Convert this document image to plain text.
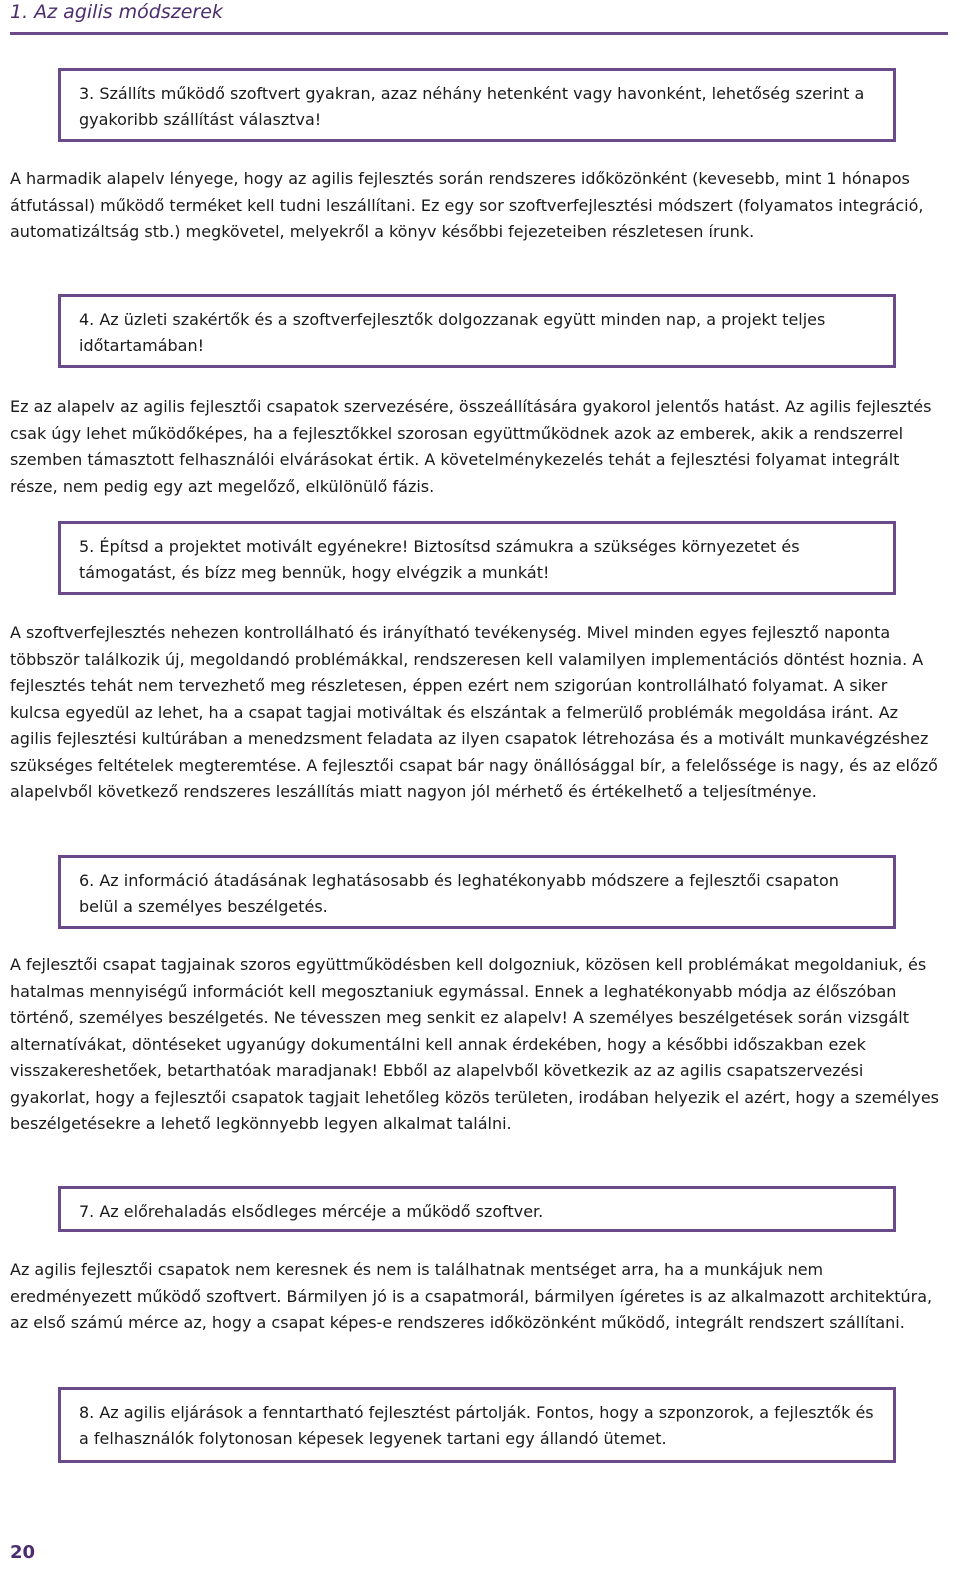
1. Az agilis módszerek
3. Szállíts működő szoftvert gyakran, azaz néhány hetenként vagy havonként, lehetőség szerint a gyakoribb szállítást választva!

A harmadik alapelv lényege, hogy az agilis fejlesztés során rendszeres időközönként (kevesebb, mint 1 hónapos átfutással) működő terméket kell tudni leszállítani. Ez egy sor szoftverfejlesztési módszert (folyamatos integráció, automatizáltság stb.) megkövetel, melyekről a könyv későbbi fejezeteiben részletesen írunk.

4. Az üzleti szakértők és a szoftverfejlesztők dolgozzanak együtt minden nap, a projekt teljes időtartamában!

Ez az alapelv az agilis fejlesztői csapatok szervezésére, összeállítására gyakorol jelentős hatást. Az agilis fejlesztés csak úgy lehet működőképes, ha a fejlesztőkkel szorosan együttműködnek azok az emberek, akik a rendszerrel szemben támasztott felhasználói elvárásokat értik. A követelménykezelés tehát a fejlesztési folyamat integrált része, nem pedig egy azt megelőző, elkülönülő fázis.

5. Építsd a projektet motivált egyénekre! Biztosítsd számukra a szükséges környezetet és támogatást, és bízz meg bennük, hogy elvégzik a munkát!

A szoftverfejlesztés nehezen kontrollálható és irányítható tevékenység. Mivel minden egyes fejlesztő naponta többször találkozik új, megoldandó problémákkal, rendszeresen kell valamilyen implementációs döntést hoznia. A fejlesztés tehát nem tervezhető meg részletesen, éppen ezért nem szigorúan kontrollálható folyamat. A siker kulcsa egyedül az lehet, ha a csapat tagjai motiváltak és elszántak a felmerülő problémák megoldása iránt. Az agilis fejlesztési kultúrában a menedzsment feladata az ilyen csapatok létrehozása és a motivált munkavégzéshez szükséges feltételek megteremtése. A fejlesztői csapat bár nagy önállósággal bír, a felelőssége is nagy, és az előző alapelvből következő rendszeres leszállítás miatt nagyon jól mérhető és értékelhető a teljesítménye.

6. Az információ átadásának leghatásosabb és leghatékonyabb módszere a fejlesztői csapaton belül a személyes beszélgetés.

A fejlesztői csapat tagjainak szoros együttműködésben kell dolgozniuk, közösen kell problémákat megoldaniuk, és hatalmas mennyiségű információt kell megosztaniuk egymással. Ennek a leghatékonyabb módja az élőszóban történő, személyes beszélgetés. Ne tévesszen meg senkit ez alapelv! A személyes beszélgetések során vizsgált alternatívákat, döntéseket ugyanúgy dokumentálni kell annak érdekében, hogy a későbbi időszakban ezek visszakereshetőek, betarthatóak maradjanak! Ebből az alapelvből következik az az agilis csapatszervezési gyakorlat, hogy a fejlesztői csapatok tagjait lehetőleg közös területen, irodában helyezik el azért, hogy a személyes beszélgetésekre a lehető legkönnyebb legyen alkalmat találni.

7. Az előrehaladás elsődleges mércéje a működő szoftver.

Az agilis fejlesztői csapatok nem keresnek és nem is találhatnak mentséget arra, ha a munkájuk nem eredményezett működő szoftvert. Bármilyen jó is a csapatmorál, bármilyen ígéretes is az alkalmazott architektúra, az első számú mérce az, hogy a csapat képes-e rendszeres időközönként működő, integrált rendszert szállítani.

8. Az agilis eljárások a fenntartható fejlesztést pártolják. Fontos, hogy a szponzorok, a fejlesztők és a felhasználók folytonosan képesek legyenek tartani egy állandó ütemet.
20
